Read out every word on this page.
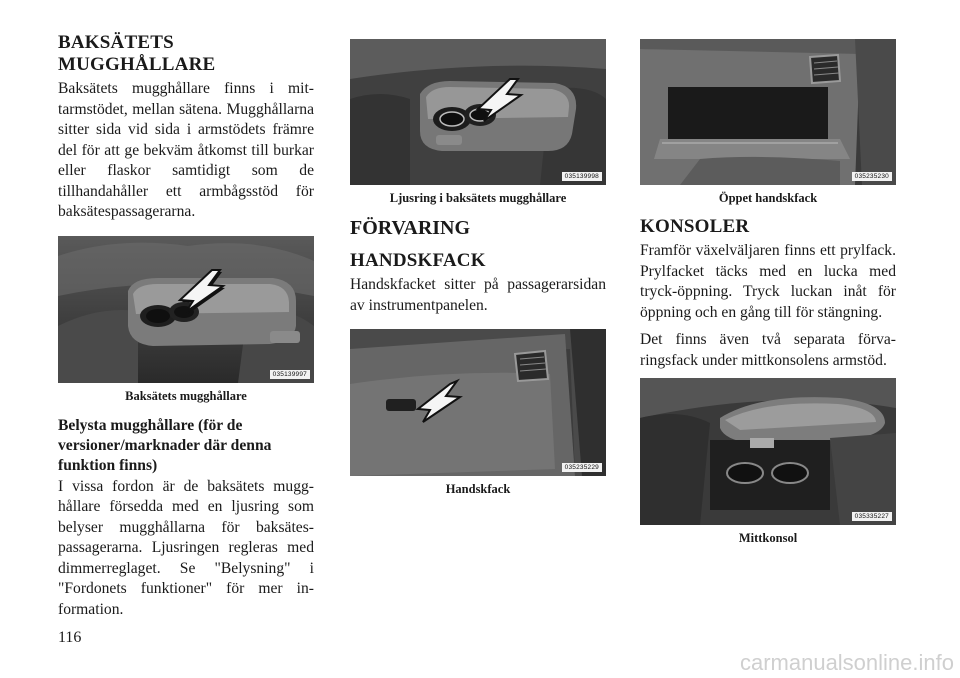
BAKSÄTETS MUGGHÅLLARE

Baksätets mugghållare finns i mittarmstödet, mellan sätena. Mugghållarna sitter sida vid sida i armstödets främre del för att ge bekväm åtkomst till burkar eller flaskor samtidigt som de tillhandahåller ett armbågsstöd för baksätespassagerarna.

035139997
Baksätets mugghållare
Belysta mugghållare (för de versioner/marknader där denna funktion finns)

I vissa fordon är de baksätets mugghållare försedda med en ljusring som belyser mugghållarna för baksätespassagerarna. Ljusringen regleras med dimmerreglaget. Se "Belysning" i "Fordonets funktioner" för mer information.

035139998
Ljusring i baksätets mugghållare
FÖRVARING
HANDSKFACK

Handskfacket sitter på passagerarsidan av instrumentpanelen.

035235229
Handskfack
035235230
Öppet handskfack
KONSOLER

Framför växelväljaren finns ett prylfack. Prylfacket täcks med en lucka med tryck-öppning. Tryck luckan inåt för öppning och en gång till för stängning.

Det finns även två separata förvaringsfack under mittkonsolens armstöd.

035335227
Mittkonsol
116
carmanualsonline.info
